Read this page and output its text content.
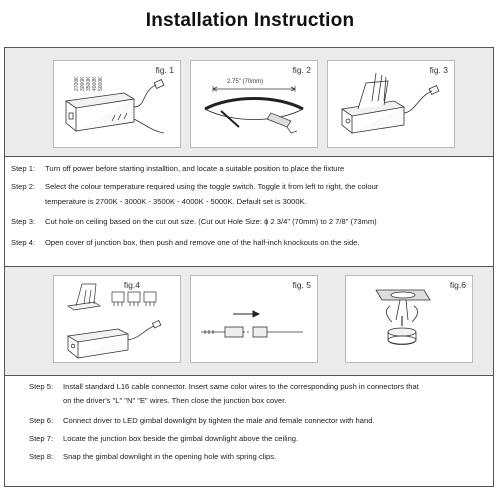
Installation Instruction
fig. 1
2700K 3000K 3500K 4000K 5000K
fig. 2
2.75" (70mm)
fig. 3
Step 1: Turn off power before starting installtion, and locate a suitable position to place the fixture
Step 2: Select the colour temperature required using the toggle switch. Toggle it from left to right, the colour
temperature is 2700K - 3000K - 3500K - 4000K - 5000K. Default set is 3000K.
Step 3: Cut hole on ceiling based on the cut out size. (Cut out Hole Size: ϕ 2 3/4" (70mm) to 2 7/8" (73mm)
Step 4: Open cover of junction box, then push and remove one of the half-inch knockouts on the side.
fig.4	fig. 5	fig.6
Step 5: Install standard L16 cable connector. Insert same color wires to the corresponding push in connectors that
on the driver's "L" "N" "E" wires. Then close the junction box cover.
Step 6: Connect driver to LED gimbal downlight by tighten the male and female connector with hand.
Step 7: Locate the junction box beside the gimbal downlight above the ceiling.
Step 8: Snap the gimbal downlight in the opening hole with spring clips.
